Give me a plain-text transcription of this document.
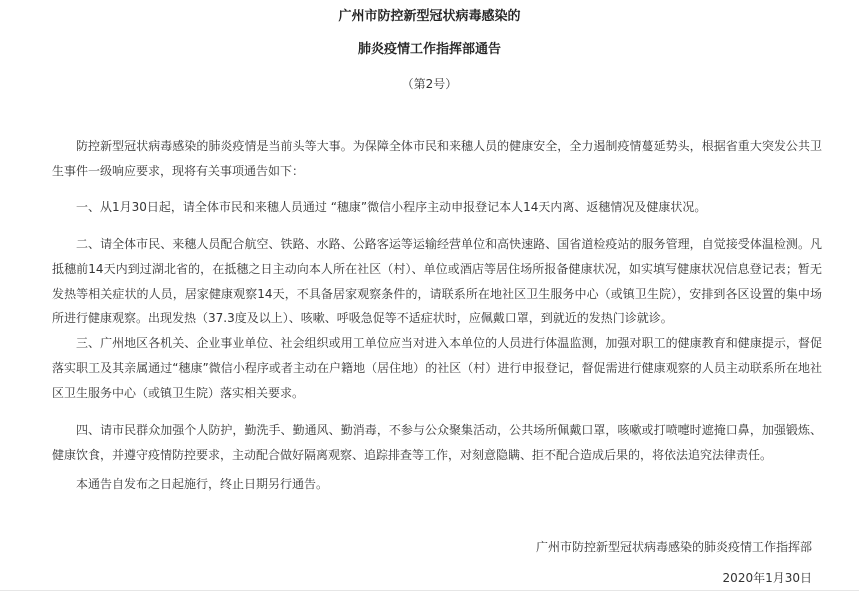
广州市防控新型冠状病毒感染的
肺炎疫情工作指挥部通告
（第2号）

防控新型冠状病毒感染的肺炎疫情是当前头等大事。为保障全体市民和来穗人员的健康安全，全力遏制疫情蔓延势头，根据省重大突发公共卫生事件一级响应要求，现将有关事项通告如下：

一、从1月30日起，请全体市民和来穗人员通过 “穗康”微信小程序主动申报登记本人14天内离、返穗情况及健康状况。

二、请全体市民、来穗人员配合航空、铁路、水路、公路客运等运输经营单位和高快速路、国省道检疫站的服务管理，自觉接受体温检测。凡抵穗前14天内到过湖北省的，在抵穗之日主动向本人所在社区（村）、单位或酒店等居住场所报备健康状况，如实填写健康状况信息登记表；暂无发热等相关症状的人员，居家健康观察14天，不具备居家观察条件的，请联系所在地社区卫生服务中心（或镇卫生院），安排到各区设置的集中场所进行健康观察。出现发热（37.3度及以上）、咳嗽、呼吸急促等不适症状时，应佩戴口罩，到就近的发热门诊就诊。

三、广州地区各机关、企业事业单位、社会组织或用工单位应当对进入本单位的人员进行体温监测，加强对职工的健康教育和健康提示，督促落实职工及其亲属通过“穗康”微信小程序或者主动在户籍地（居住地）的社区（村）进行申报登记，督促需进行健康观察的人员主动联系所在地社区卫生服务中心（或镇卫生院）落实相关要求。

四、请市民群众加强个人防护，勤洗手、勤通风、勤消毒，不参与公众聚集活动，公共场所佩戴口罩，咳嗽或打喷嚏时遮掩口鼻，加强锻炼、健康饮食，并遵守疫情防控要求，主动配合做好隔离观察、追踪排查等工作，对刻意隐瞒、拒不配合造成后果的，将依法追究法律责任。

本通告自发布之日起施行，终止日期另行通告。

广州市防控新型冠状病毒感染的肺炎疫情工作指挥部
2020年1月30日
